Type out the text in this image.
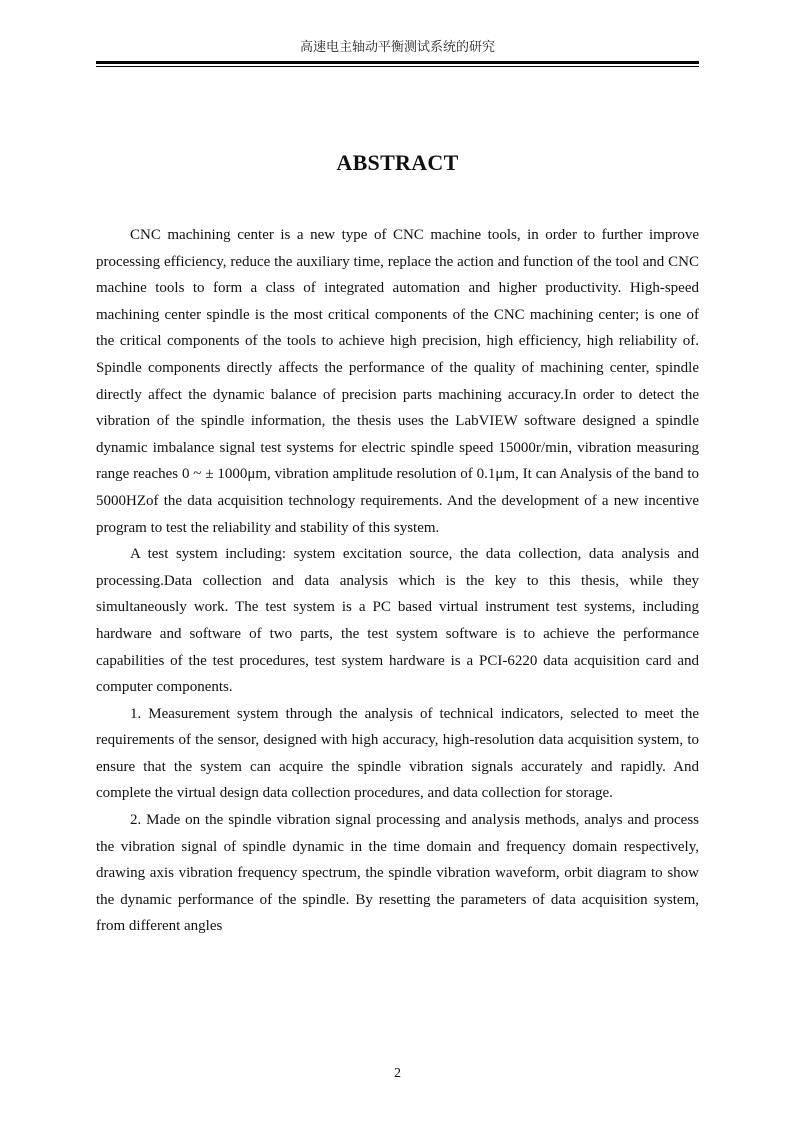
高速电主轴动平衡测试系统的研究
ABSTRACT

CNC machining center is a new type of CNC machine tools, in order to further improve processing efficiency, reduce the auxiliary time, replace the action and function of the tool and CNC machine tools to form a class of integrated automation and higher productivity. High-speed machining center spindle is the most critical components of the CNC machining center; is one of the critical components of the tools to achieve high precision, high efficiency, high reliability of. Spindle components directly affects the performance of the quality of machining center, spindle directly affect the dynamic balance of precision parts machining accuracy.In order to detect the vibration of the spindle information, the thesis uses the LabVIEW software designed a spindle dynamic imbalance signal test systems for electric spindle speed 15000r/min, vibration measuring range reaches 0 ~ ± 1000μm, vibration amplitude resolution of 0.1μm, It can Analysis of the band to 5000HZof the data acquisition technology requirements. And the development of a new incentive program to test the reliability and stability of this system.

A test system including: system excitation source, the data collection, data analysis and processing.Data collection and data analysis which is the key to this thesis, while they simultaneously work. The test system is a PC based virtual instrument test systems, including hardware and software of two parts, the test system software is to achieve the performance capabilities of the test procedures, test system hardware is a PCI-6220 data acquisition card and computer components.

1. Measurement system through the analysis of technical indicators, selected to meet the requirements of the sensor, designed with high accuracy, high-resolution data acquisition system, to ensure that the system can acquire the spindle vibration signals accurately and rapidly. And complete the virtual design data collection procedures, and data collection for storage.

2. Made on the spindle vibration signal processing and analysis methods, analys and process the vibration signal of spindle dynamic in the time domain and frequency domain respectively, drawing axis vibration frequency spectrum, the spindle vibration waveform, orbit diagram to show the dynamic performance of the spindle. By resetting the parameters of data acquisition system, from different angles

2
